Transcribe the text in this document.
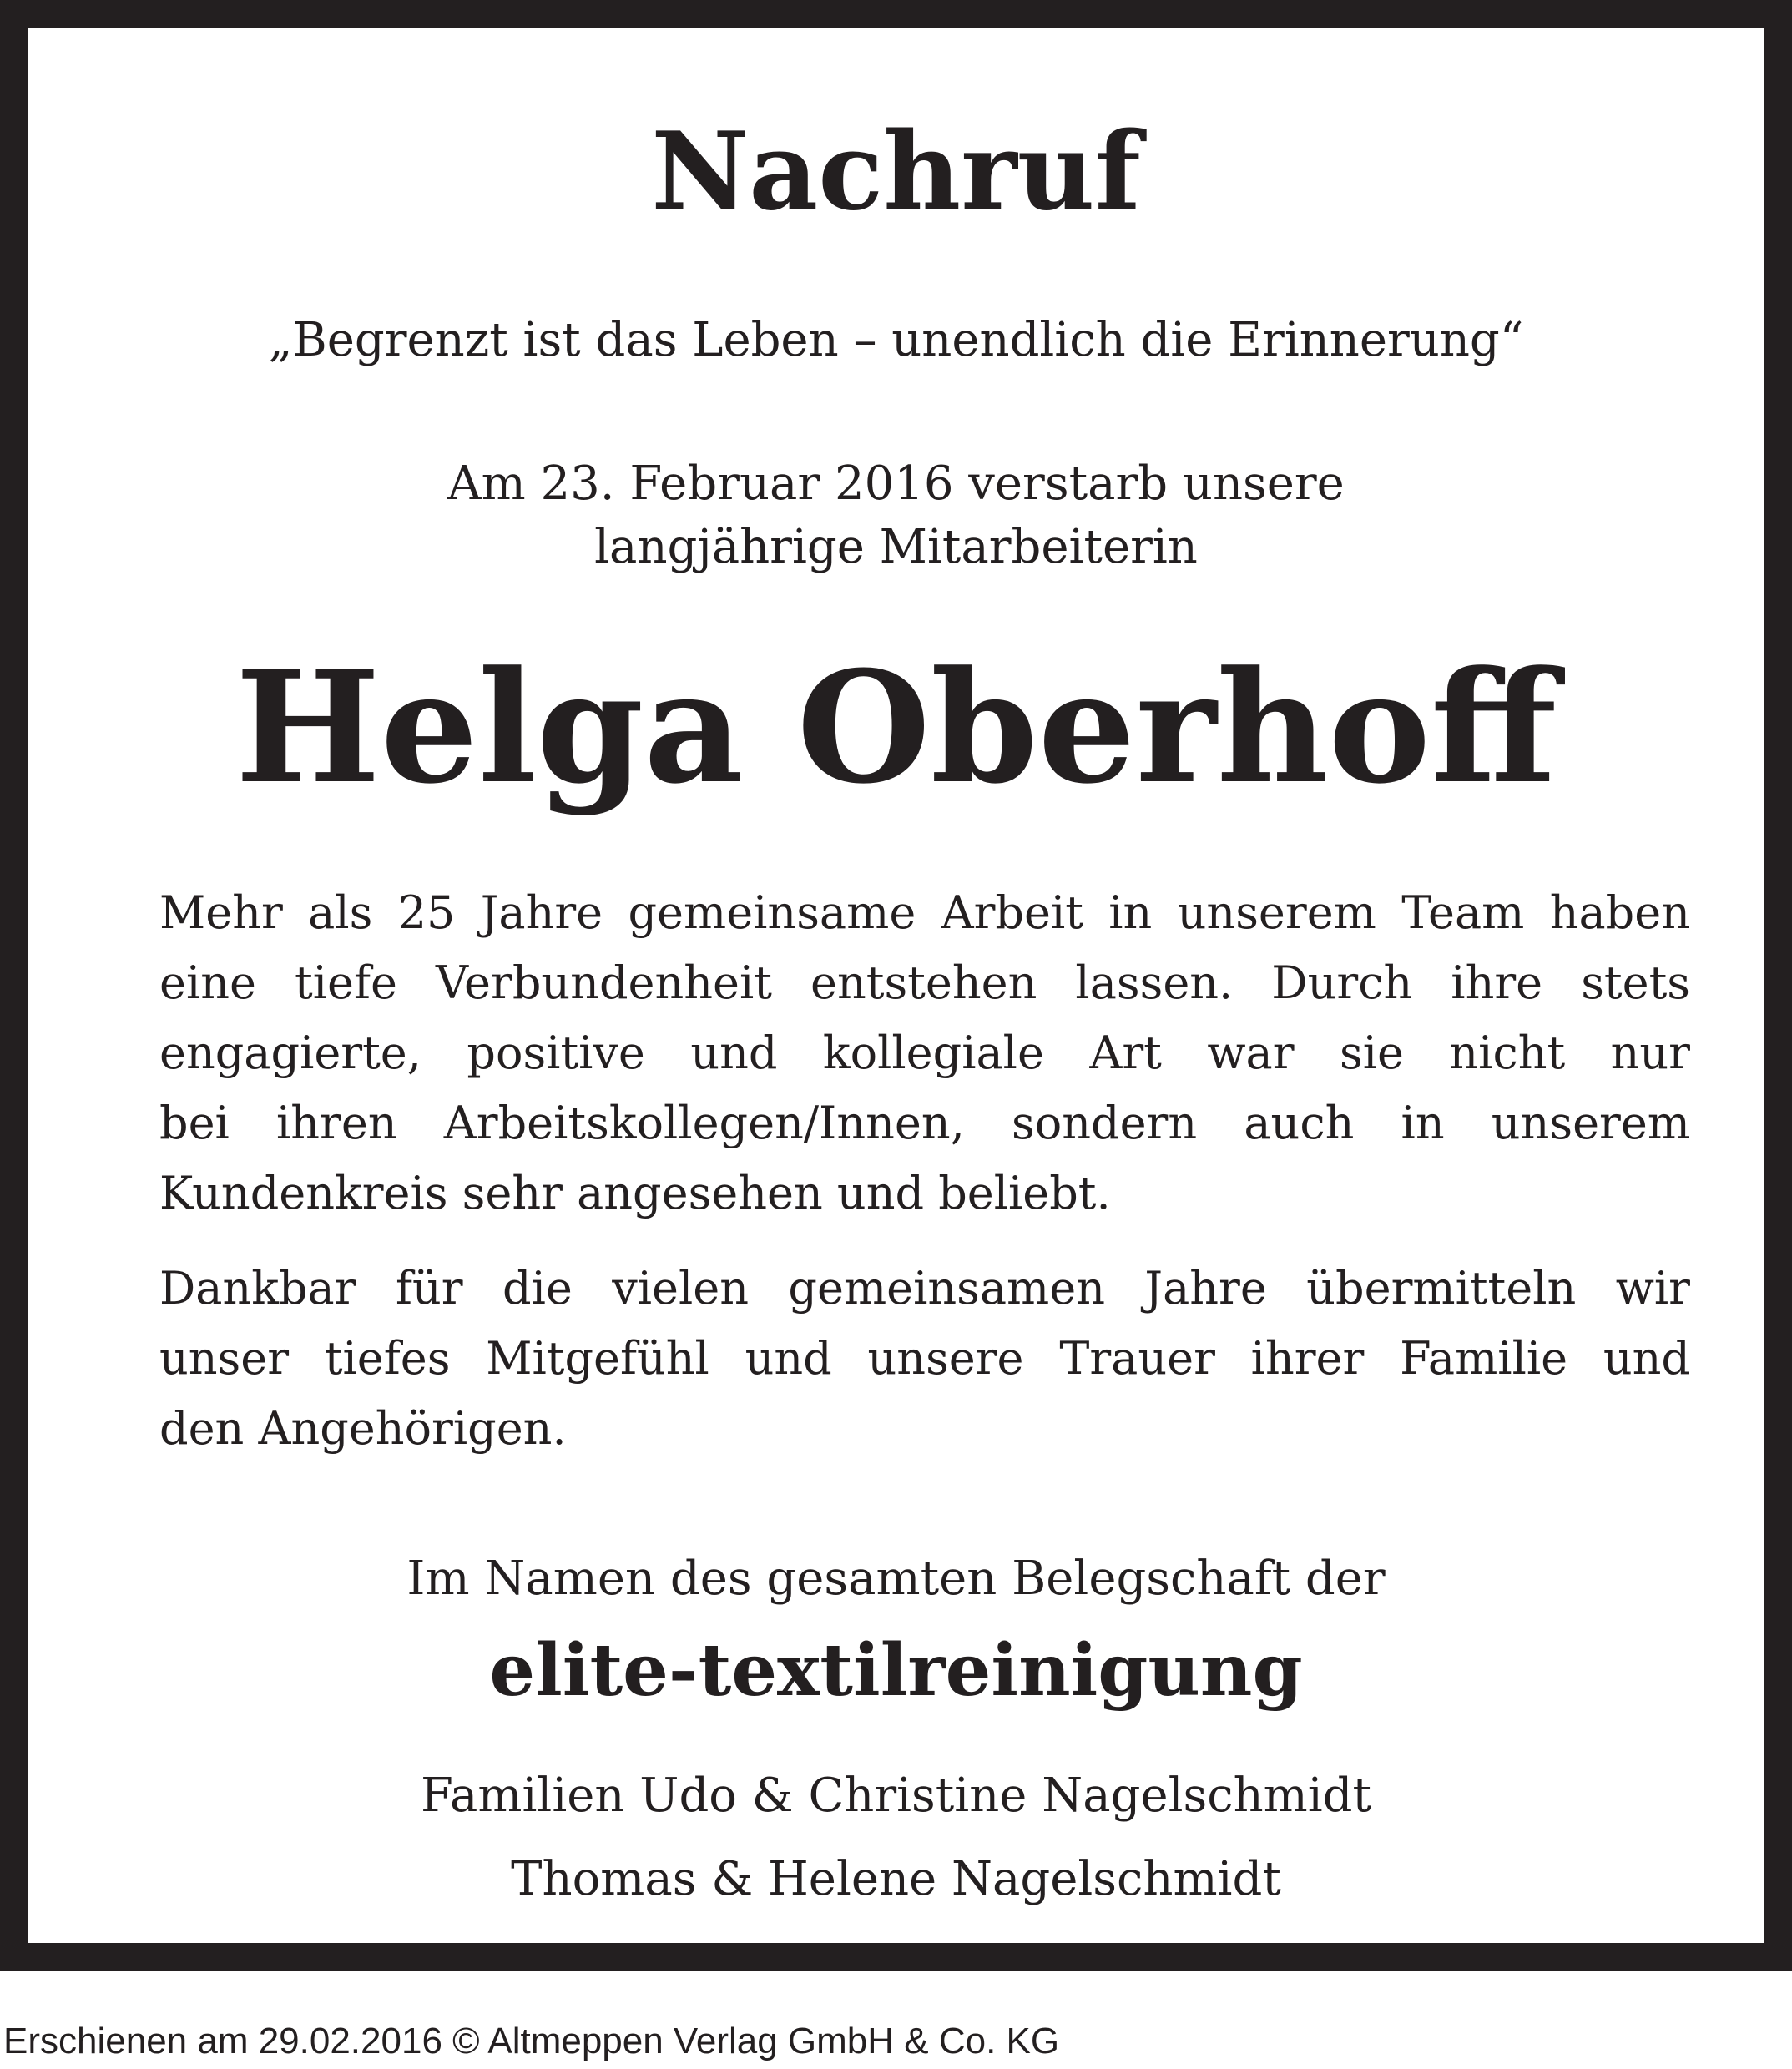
Nachruf
„Begrenzt ist das Leben – unendlich die Erinnerung“
Am 23. Februar 2016 verstarb unsere
langjährige Mitarbeiterin
Helga Oberhoff
Mehr als 25 Jahre gemeinsame Arbeit in unserem Team haben
eine tiefe Verbundenheit entstehen lassen. Durch ihre stets
engagierte, positive und kollegiale Art war sie nicht nur
bei ihren Arbeitskollegen/Innen, sondern auch in unserem
Kundenkreis sehr angesehen und beliebt.
Dankbar für die vielen gemeinsamen Jahre übermitteln wir
unser tiefes Mitgefühl und unsere Trauer ihrer Familie und
den Angehörigen.
Im Namen des gesamten Belegschaft der
elite-textilreinigung
Familien Udo & Christine Nagelschmidt
Thomas & Helene Nagelschmidt
Erschienen am 29.02.2016 © Altmeppen Verlag GmbH & Co. KG
